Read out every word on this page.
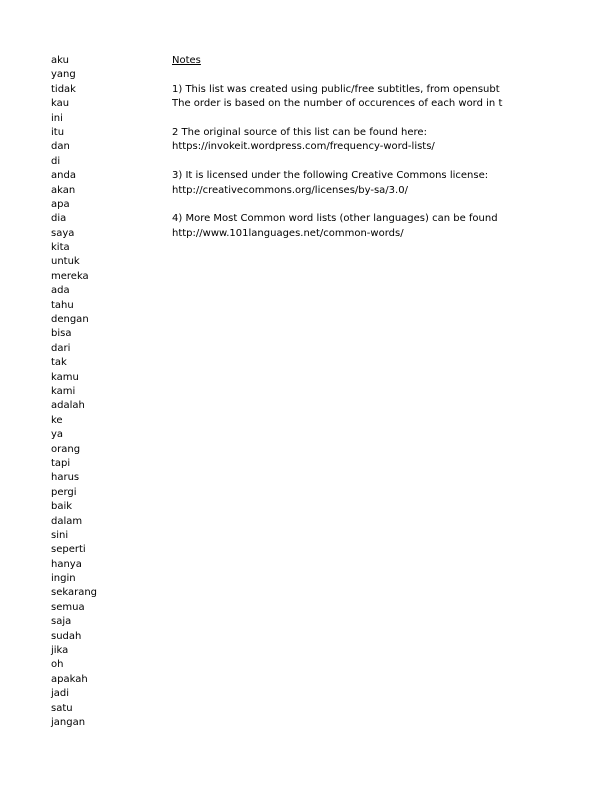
aku
yang
tidak
kau
ini
itu
dan
di
anda
akan
apa
dia
saya
kita
untuk
mereka
ada
tahu
dengan
bisa
dari
tak
kamu
kami
adalah
ke
ya
orang
tapi
harus
pergi
baik
dalam
sini
seperti
hanya
ingin
sekarang
semua
saja
sudah
jika
oh
apakah
jadi
satu
jangan
Notes
1) This list was created using public/free subtitles, from opensubt
The order is based on the number of occurences of each word in t
2 The original source of this list can be found here:
https://invokeit.wordpress.com/frequency-word-lists/
3) It is licensed under the following Creative Commons license:
http://creativecommons.org/licenses/by-sa/3.0/
4) More Most Common word lists (other languages) can be found
http://www.101languages.net/common-words/
